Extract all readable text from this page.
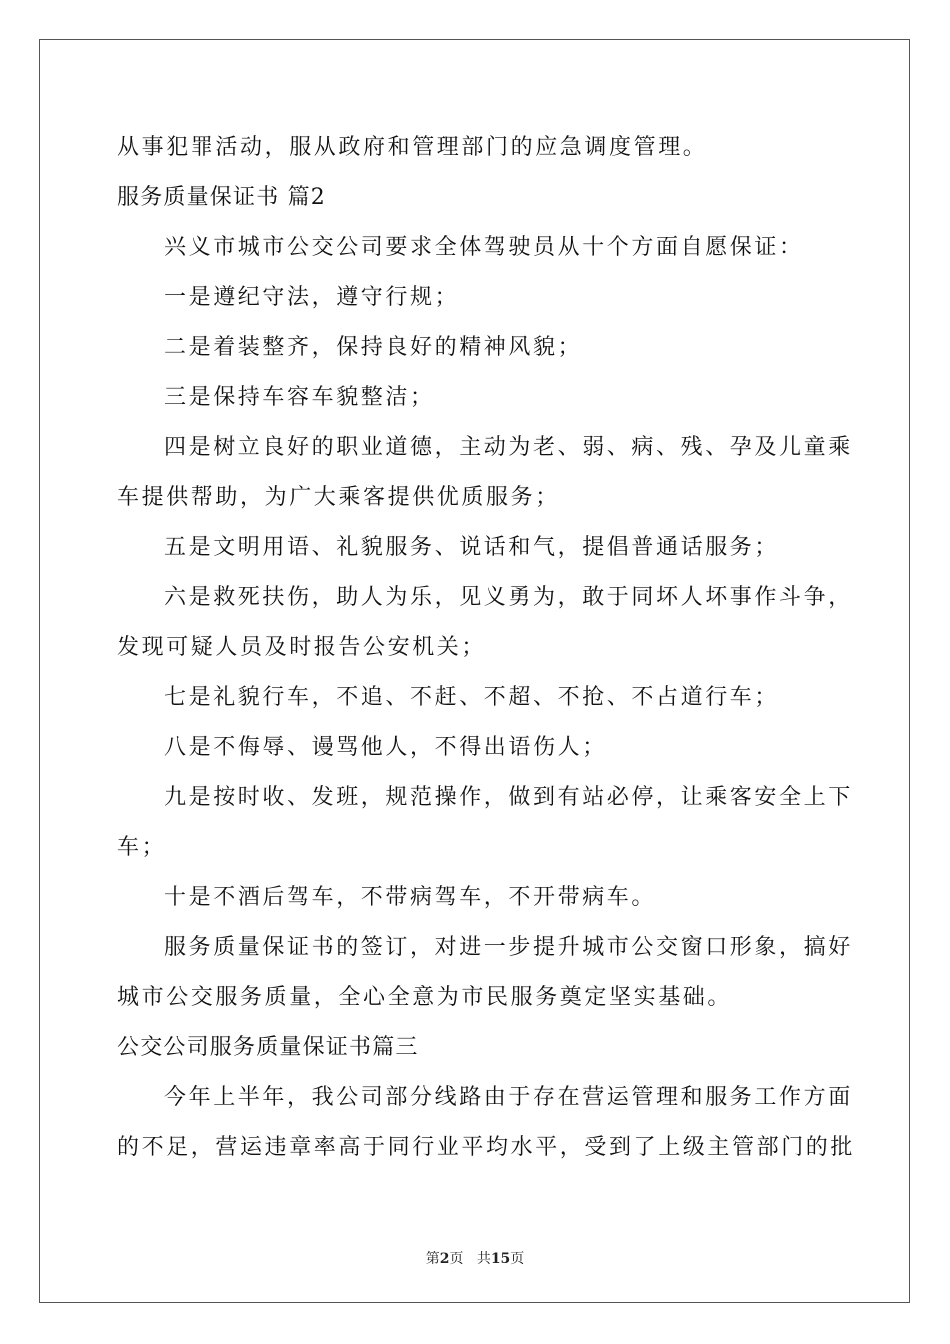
从事犯罪活动，服从政府和管理部门的应急调度管理。
服务质量保证书 篇2
兴义市城市公交公司要求全体驾驶员从十个方面自愿保证：
一是遵纪守法，遵守行规；
二是着装整齐，保持良好的精神风貌；
三是保持车容车貌整洁；
四是树立良好的职业道德，主动为老、弱、病、残、孕及儿童乘
车提供帮助，为广大乘客提供优质服务；
五是文明用语、礼貌服务、说话和气，提倡普通话服务；
六是救死扶伤，助人为乐，见义勇为，敢于同坏人坏事作斗争，
发现可疑人员及时报告公安机关；
七是礼貌行车，不追、不赶、不超、不抢、不占道行车；
八是不侮辱、谩骂他人，不得出语伤人；
九是按时收、发班，规范操作，做到有站必停，让乘客安全上下
车；
十是不酒后驾车，不带病驾车，不开带病车。
服务质量保证书的签订，对进一步提升城市公交窗口形象，搞好
城市公交服务质量，全心全意为市民服务奠定坚实基础。
公交公司服务质量保证书篇三
今年上半年，我公司部分线路由于存在营运管理和服务工作方面
的不足，营运违章率高于同行业平均水平，受到了上级主管部门的批
第2页 共15页
